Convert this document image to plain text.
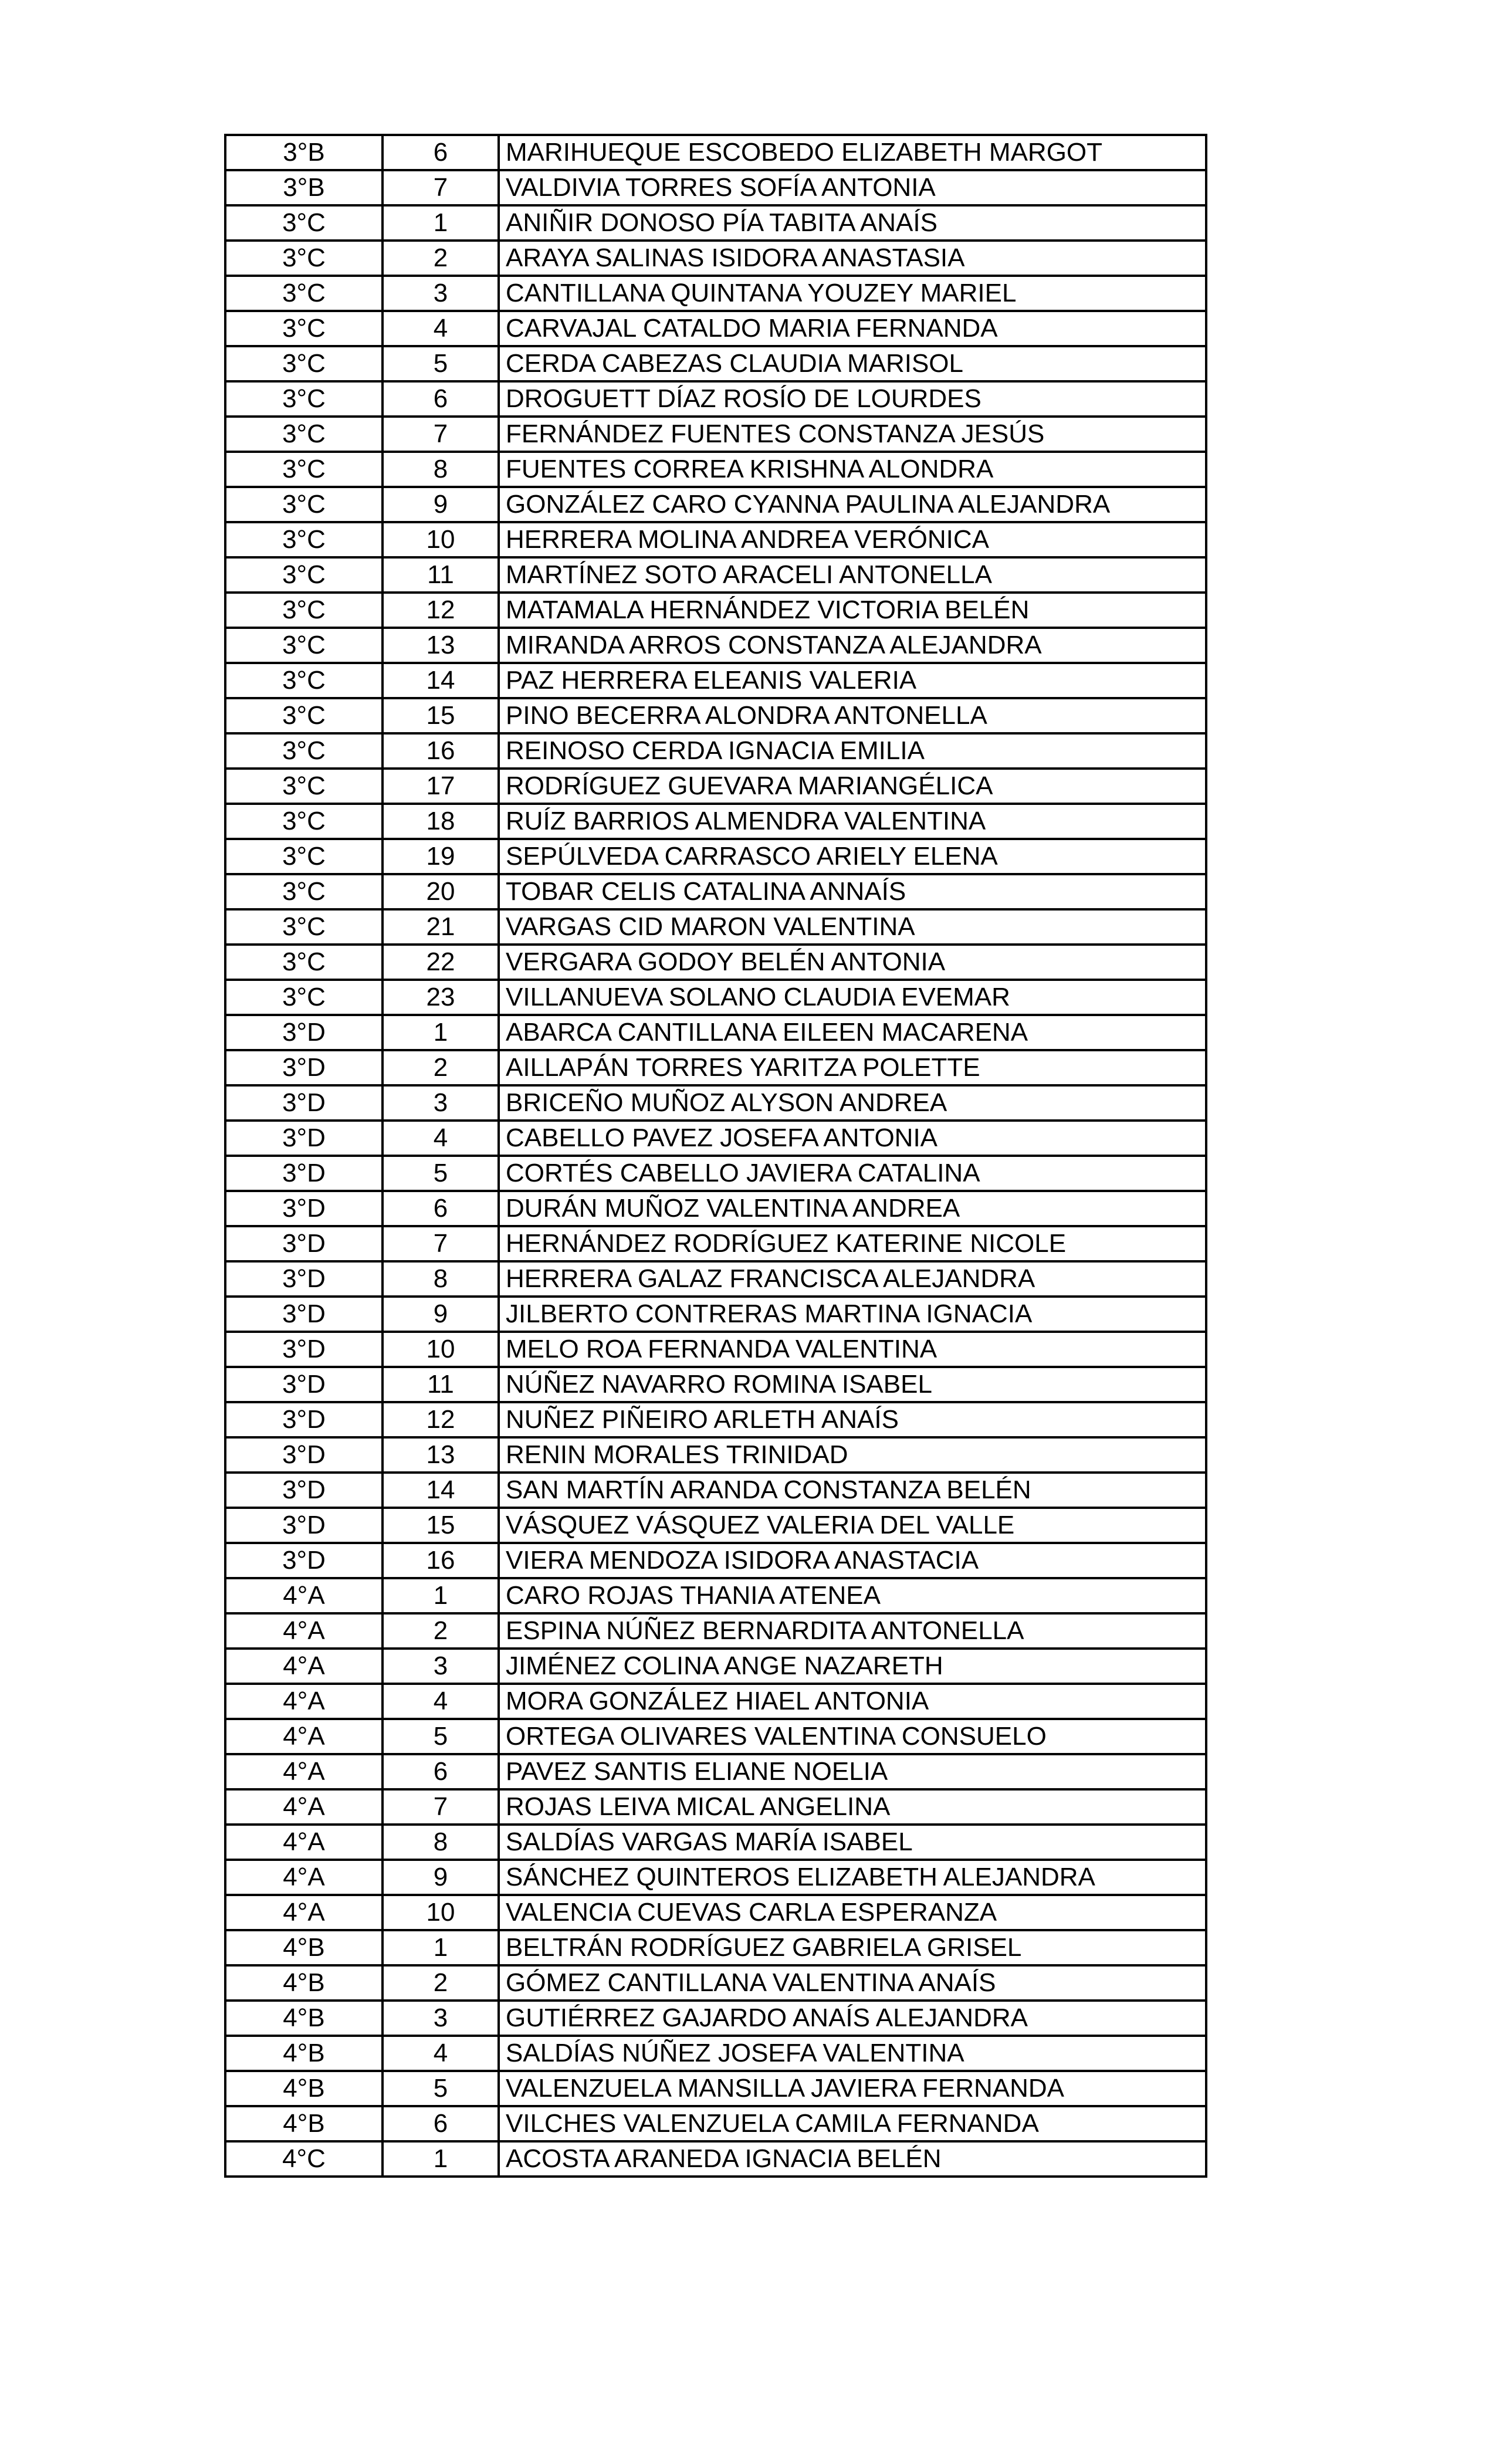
3°B	6	MARIHUEQUE ESCOBEDO ELIZABETH MARGOT
3°B	7	VALDIVIA TORRES SOFÍA ANTONIA
3°C	1	ANIÑIR DONOSO PÍA TABITA ANAÍS
3°C	2	ARAYA SALINAS ISIDORA ANASTASIA
3°C	3	CANTILLANA QUINTANA YOUZEY MARIEL
3°C	4	CARVAJAL CATALDO MARIA FERNANDA
3°C	5	CERDA CABEZAS CLAUDIA MARISOL
3°C	6	DROGUETT DÍAZ ROSÍO DE LOURDES
3°C	7	FERNÁNDEZ FUENTES CONSTANZA JESÚS
3°C	8	FUENTES CORREA KRISHNA ALONDRA
3°C	9	GONZÁLEZ CARO CYANNA PAULINA ALEJANDRA
3°C	10	HERRERA MOLINA ANDREA VERÓNICA
3°C	11	MARTÍNEZ SOTO ARACELI ANTONELLA
3°C	12	MATAMALA HERNÁNDEZ VICTORIA BELÉN
3°C	13	MIRANDA ARROS CONSTANZA ALEJANDRA
3°C	14	PAZ HERRERA ELEANIS VALERIA
3°C	15	PINO BECERRA ALONDRA ANTONELLA
3°C	16	REINOSO CERDA IGNACIA EMILIA
3°C	17	RODRÍGUEZ GUEVARA MARIANGÉLICA
3°C	18	RUÍZ BARRIOS ALMENDRA VALENTINA
3°C	19	SEPÚLVEDA CARRASCO ARIELY ELENA
3°C	20	TOBAR CELIS CATALINA ANNAÍS
3°C	21	VARGAS CID MARON VALENTINA
3°C	22	VERGARA GODOY BELÉN ANTONIA
3°C	23	VILLANUEVA SOLANO CLAUDIA EVEMAR
3°D	1	ABARCA CANTILLANA EILEEN MACARENA
3°D	2	AILLAPÁN TORRES YARITZA POLETTE
3°D	3	BRICEÑO MUÑOZ ALYSON ANDREA
3°D	4	CABELLO PAVEZ JOSEFA ANTONIA
3°D	5	CORTÉS CABELLO JAVIERA CATALINA
3°D	6	DURÁN MUÑOZ VALENTINA ANDREA
3°D	7	HERNÁNDEZ RODRÍGUEZ KATERINE NICOLE
3°D	8	HERRERA GALAZ FRANCISCA ALEJANDRA
3°D	9	JILBERTO CONTRERAS MARTINA IGNACIA
3°D	10	MELO ROA FERNANDA VALENTINA
3°D	11	NÚÑEZ NAVARRO ROMINA ISABEL
3°D	12	NUÑEZ PIÑEIRO ARLETH ANAÍS
3°D	13	RENIN MORALES TRINIDAD
3°D	14	SAN MARTÍN ARANDA CONSTANZA BELÉN
3°D	15	VÁSQUEZ VÁSQUEZ VALERIA DEL VALLE
3°D	16	VIERA MENDOZA ISIDORA ANASTACIA
4°A	1	CARO ROJAS THANIA ATENEA
4°A	2	ESPINA NÚÑEZ BERNARDITA ANTONELLA
4°A	3	JIMÉNEZ COLINA ANGE NAZARETH
4°A	4	MORA GONZÁLEZ HIAEL ANTONIA
4°A	5	ORTEGA OLIVARES VALENTINA CONSUELO
4°A	6	PAVEZ SANTIS ELIANE NOELIA
4°A	7	ROJAS LEIVA MICAL ANGELINA
4°A	8	SALDÍAS VARGAS MARÍA ISABEL
4°A	9	SÁNCHEZ QUINTEROS ELIZABETH ALEJANDRA
4°A	10	VALENCIA CUEVAS CARLA ESPERANZA
4°B	1	BELTRÁN RODRÍGUEZ GABRIELA GRISEL
4°B	2	GÓMEZ CANTILLANA VALENTINA ANAÍS
4°B	3	GUTIÉRREZ GAJARDO ANAÍS ALEJANDRA
4°B	4	SALDÍAS NÚÑEZ JOSEFA VALENTINA
4°B	5	VALENZUELA MANSILLA JAVIERA FERNANDA
4°B	6	VILCHES VALENZUELA CAMILA FERNANDA
4°C	1	ACOSTA ARANEDA IGNACIA BELÉN
